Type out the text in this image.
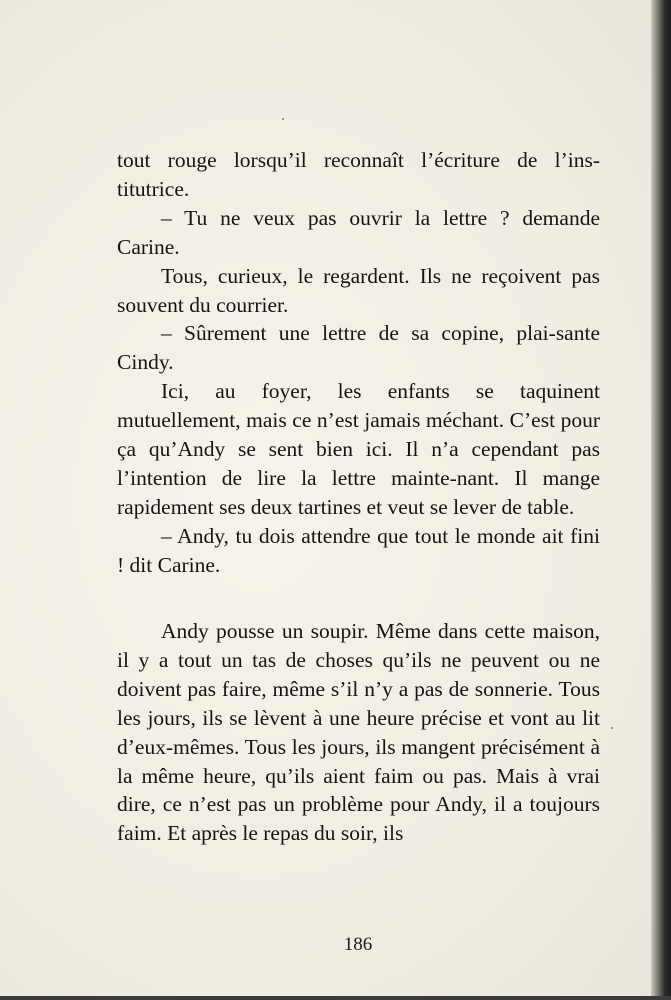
tout rouge lorsqu’il reconnaît l’écriture de l’ins-titutrice.

– Tu ne veux pas ouvrir la lettre ? demande Carine.

Tous, curieux, le regardent. Ils ne reçoivent pas souvent du courrier.

– Sûrement une lettre de sa copine, plai-sante Cindy.

Ici, au foyer, les enfants se taquinent mutuellement, mais ce n’est jamais méchant. C’est pour ça qu’Andy se sent bien ici. Il n’a cependant pas l’intention de lire la lettre mainte-nant. Il mange rapidement ses deux tartines et veut se lever de table.

– Andy, tu dois attendre que tout le monde ait fini ! dit Carine.

Andy pousse un soupir. Même dans cette maison, il y a tout un tas de choses qu’ils ne peuvent ou ne doivent pas faire, même s’il n’y a pas de sonnerie. Tous les jours, ils se lèvent à une heure précise et vont au lit d’eux-mêmes. Tous les jours, ils mangent précisément à la même heure, qu’ils aient faim ou pas. Mais à vrai dire, ce n’est pas un problème pour Andy, il a toujours faim. Et après le repas du soir, ils

186
